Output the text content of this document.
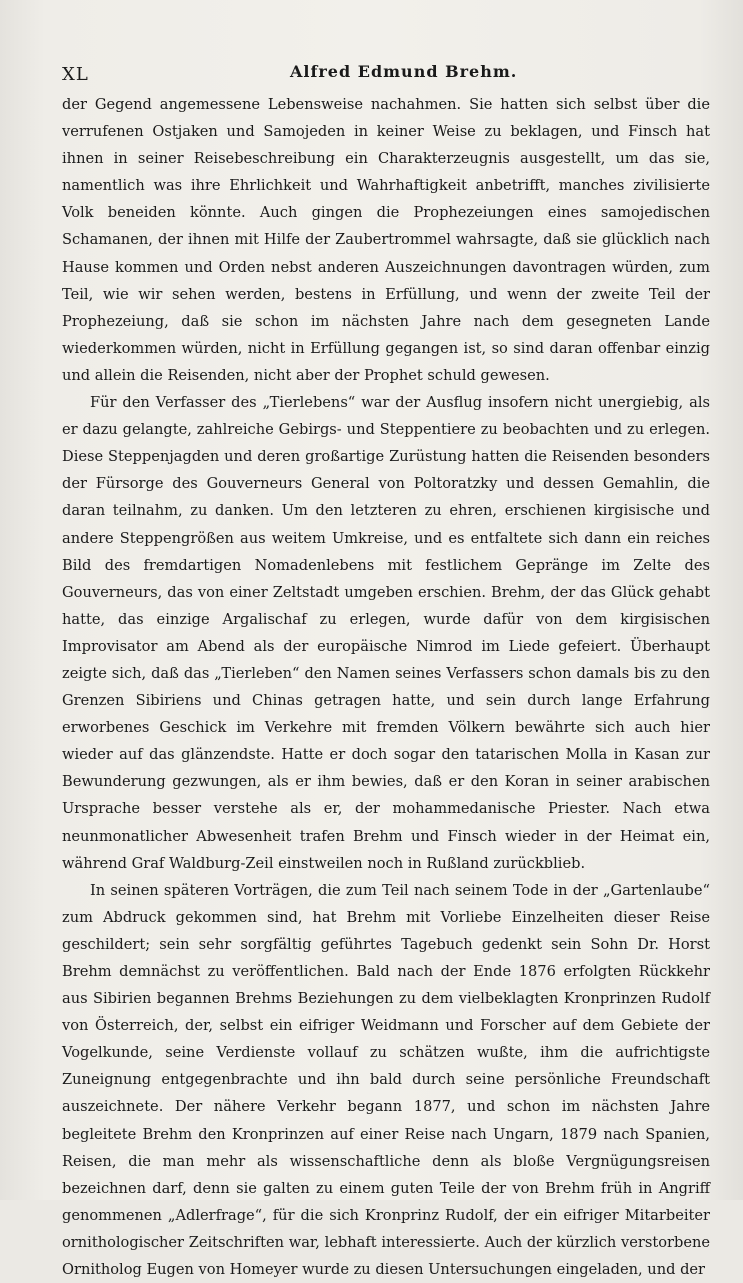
XL	Alfred Edmund Brehm.

der Gegend angemessene Lebensweise nachahmen. Sie hatten sich selbst über die verrufenen Ostjaken und Samojeden in keiner Weise zu beklagen, und Finsch hat ihnen in seiner Reisebeschreibung ein Charakterzeugnis ausgestellt, um das sie, namentlich was ihre Ehrlichkeit und Wahrhaftigkeit anbetrifft, manches zivilisierte Volk beneiden könnte. Auch gingen die Prophezeiungen eines samojedischen Schamanen, der ihnen mit Hilfe der Zaubertrommel wahrsagte, daß sie glücklich nach Hause kommen und Orden nebst anderen Auszeichnungen davontragen würden, zum Teil, wie wir sehen werden, bestens in Erfüllung, und wenn der zweite Teil der Prophezeiung, daß sie schon im nächsten Jahre nach dem gesegneten Lande wiederkommen würden, nicht in Erfüllung gegangen ist, so sind daran offenbar einzig und allein die Reisenden, nicht aber der Prophet schuld gewesen.

Für den Verfasser des „Tierlebens“ war der Ausflug insofern nicht unergiebig, als er dazu gelangte, zahlreiche Gebirgs- und Steppentiere zu beobachten und zu erlegen. Diese Steppenjagden und deren großartige Zurüstung hatten die Reisenden besonders der Fürsorge des Gouverneurs General von Poltoratzky und dessen Gemahlin, die daran teilnahm, zu danken. Um den letzteren zu ehren, erschienen kirgisische und andere Steppengrößen aus weitem Umkreise, und es entfaltete sich dann ein reiches Bild des fremdartigen Nomadenlebens mit festlichem Gepränge im Zelte des Gouverneurs, das von einer Zeltstadt umgeben erschien. Brehm, der das Glück gehabt hatte, das einzige Argalischaf zu erlegen, wurde dafür von dem kirgisischen Improvisator am Abend als der europäische Nimrod im Liede gefeiert. Überhaupt zeigte sich, daß das „Tierleben“ den Namen seines Verfassers schon damals bis zu den Grenzen Sibiriens und Chinas getragen hatte, und sein durch lange Erfahrung erworbenes Geschick im Verkehre mit fremden Völkern bewährte sich auch hier wieder auf das glänzendste. Hatte er doch sogar den tatarischen Molla in Kasan zur Bewunderung gezwungen, als er ihm bewies, daß er den Koran in seiner arabischen Ursprache besser verstehe als er, der mohammedanische Priester. Nach etwa neunmonatlicher Abwesenheit trafen Brehm und Finsch wieder in der Heimat ein, während Graf Waldburg-Zeil einstweilen noch in Rußland zurückblieb.

In seinen späteren Vorträgen, die zum Teil nach seinem Tode in der „Gartenlaube“ zum Abdruck gekommen sind, hat Brehm mit Vorliebe Einzelheiten dieser Reise geschildert; sein sehr sorgfältig geführtes Tagebuch gedenkt sein Sohn Dr. Horst Brehm demnächst zu veröffentlichen. Bald nach der Ende 1876 erfolgten Rückkehr aus Sibirien begannen Brehms Beziehungen zu dem vielbeklagten Kronprinzen Rudolf von Österreich, der, selbst ein eifriger Weidmann und Forscher auf dem Gebiete der Vogelkunde, seine Verdienste vollauf zu schätzen wußte, ihm die aufrichtigste Zuneignung entgegenbrachte und ihn bald durch seine persönliche Freundschaft auszeichnete. Der nähere Verkehr begann 1877, und schon im nächsten Jahre begleitete Brehm den Kronprinzen auf einer Reise nach Ungarn, 1879 nach Spanien, Reisen, die man mehr als wissenschaftliche denn als bloße Vergnügungsreisen bezeichnen darf, denn sie galten zu einem guten Teile der von Brehm früh in Angriff genommenen „Adlerfrage“, für die sich Kronprinz Rudolf, der ein eifriger Mitarbeiter ornithologischer Zeitschriften war, lebhaft interessierte. Auch der kürzlich verstorbene Ornitholog Eugen von Homeyer wurde zu diesen Untersuchungen eingeladen, und der
